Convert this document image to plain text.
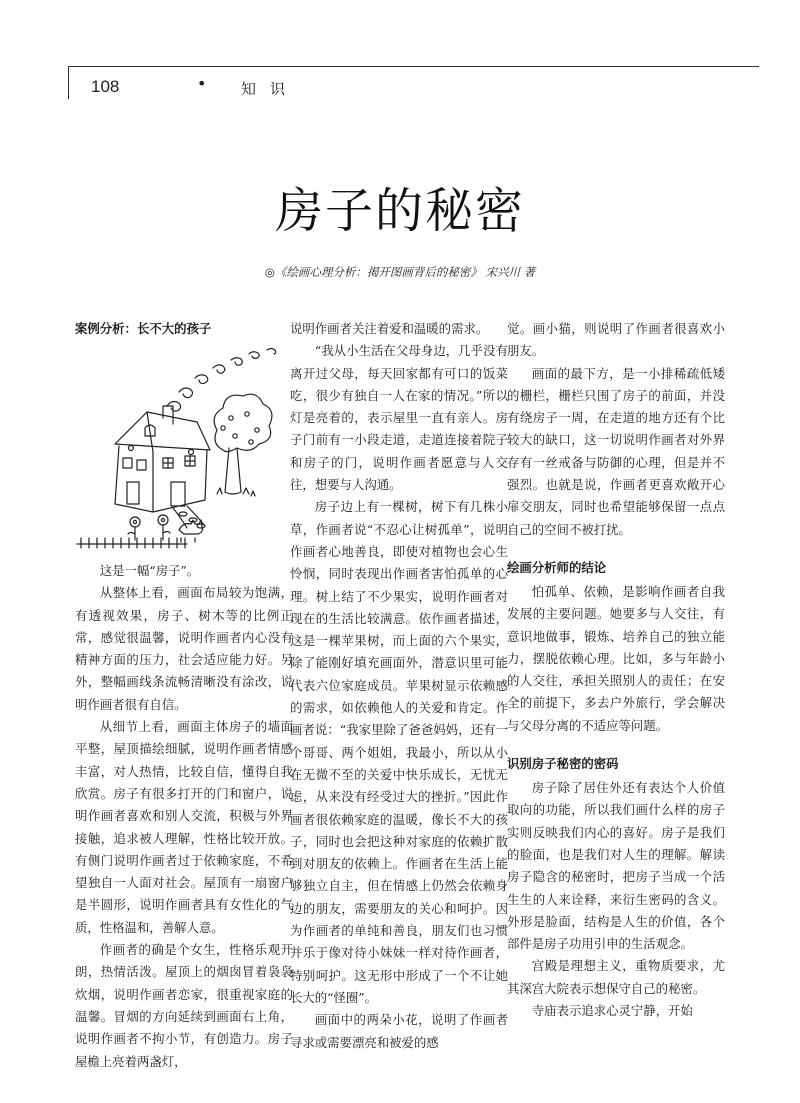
108	• 知识
房子的秘密
◎《绘画心理分析：揭开图画背后的秘密》 宋兴川 著
案例分析：长不大的孩子

这是一幅“房子”。

从整体上看，画面布局较为饱满，有透视效果，房子、树木等的比例正常，感觉很温馨，说明作画者内心没有精神方面的压力，社会适应能力好。另外，整幅画线条流畅清晰没有涂改，说明作画者很有自信。

从细节上看，画面主体房子的墙面平整，屋顶描绘细腻，说明作画者情感丰富，对人热情，比较自信，懂得自我欣赏。房子有很多打开的门和窗户，说明作画者喜欢和别人交流，积极与外界接触，追求被人理解，性格比较开放。有侧门说明作画者过于依赖家庭，不希望独自一人面对社会。屋顶有一扇窗户是半圆形，说明作画者具有女性化的气质，性格温和，善解人意。

作画者的确是个女生，性格乐观开朗，热情活泼。屋顶上的烟囱冒着袅袅炊烟，说明作画者恋家，很重视家庭的温馨。冒烟的方向延续到画面右上角，说明作画者不拘小节，有创造力。房子屋檐上亮着两盏灯，

说明作画者关注着爱和温暖的需求。

“我从小生活在父母身边，几乎没有离开过父母，每天回家都有可口的饭菜吃，很少有独自一人在家的情况。”所以灯是亮着的，表示屋里一直有亲人。房子门前有一小段走道，走道连接着院子和房子的门，说明作画者愿意与人交往，想要与人沟通。

房子边上有一棵树，树下有几株小草，作画者说“不忍心让树孤单”，说明作画者心地善良，即使对植物也会心生怜悯，同时表现出作画者害怕孤单的心理。树上结了不少果实，说明作画者对现在的生活比较满意。依作画者描述，这是一棵苹果树，而上面的六个果实，除了能刚好填充画面外，潜意识里可能代表六位家庭成员。苹果树显示依赖感的需求，如依赖他人的关爱和肯定。作画者说：“我家里除了爸爸妈妈，还有一个哥哥、两个姐姐，我最小，所以从小在无微不至的关爱中快乐成长，无忧无虑，从来没有经受过大的挫折。”因此作画者很依赖家庭的温暖，像长不大的孩子，同时也会把这种对家庭的依赖扩散到对朋友的依赖上。作画者在生活上能够独立自主，但在情感上仍然会依赖身边的朋友，需要朋友的关心和呵护。因为作画者的单纯和善良，朋友们也习惯并乐于像对待小妹妹一样对待作画者，特别呵护。这无形中形成了一个不让她长大的“怪圈”。

画面中的两朵小花，说明了作画者寻求或需要漂亮和被爱的感

觉。画小猫，则说明了作画者很喜欢小朋友。

画面的最下方，是一小排稀疏低矮的栅栏，栅栏只围了房子的前面，并没有绕房子一周，在走道的地方还有个比较大的缺口，这一切说明作画者对外界存有一丝戒备与防御的心理，但是并不强烈。也就是说，作画者更喜欢敞开心扉交朋友，同时也希望能够保留一点点自己的空间不被打扰。

绘画分析师的结论

怕孤单、依赖，是影响作画者自我发展的主要问题。她要多与人交往，有意识地做事，锻炼、培养自己的独立能力，摆脱依赖心理。比如，多与年龄小的人交往，承担关照别人的责任；在安全的前提下，多去户外旅行，学会解决与父母分离的不适应等问题。

识别房子秘密的密码

房子除了居住外还有表达个人价值取向的功能，所以我们画什么样的房子实则反映我们内心的喜好。房子是我们的脸面，也是我们对人生的理解。解读房子隐含的秘密时，把房子当成一个活生生的人来诠释，来衍生密码的含义。外形是脸面，结构是人生的价值，各个部件是房子功用引申的生活观念。

宫殿是理想主义，重物质要求，尤其深宫大院表示想保守自己的秘密。

寺庙表示追求心灵宁静，开始
